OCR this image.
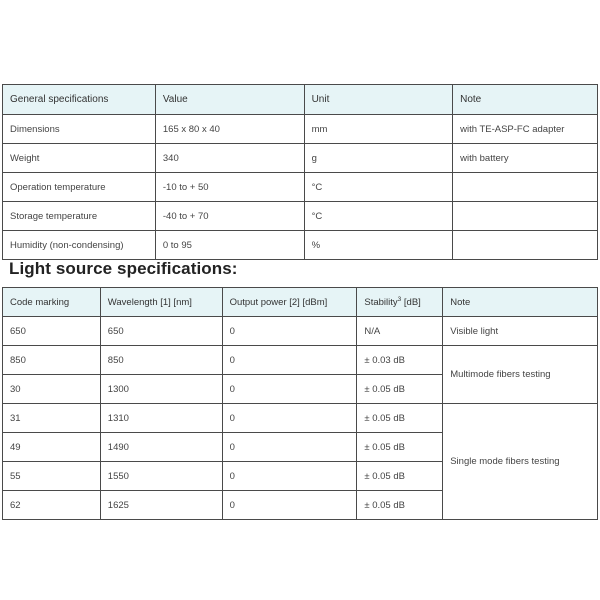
General specifications	Value	Unit	Note
Dimensions	165 x 80 x 40	mm	with TE-ASP-FC adapter
Weight	340	g	with battery
Operation temperature	-10 to + 50	°C	
Storage temperature	-40 to + 70	°C	
Humidity (non-condensing)	0 to 95	%	
Light source specifications:
Code marking	Wavelength [1] [nm]	Output power [2] [dBm]	Stability$^3$ [dB]	Note
650	650	0	N/A	Visible light
850	850	0	± 0.03 dB	Multimode fibers testing
30	1300	0	± 0.05 dB	
31	1310	0	± 0.05 dB	Single mode fibers testing
49	1490	0	± 0.05 dB	
55	1550	0	± 0.05 dB	
62	1625	0	± 0.05 dB	
